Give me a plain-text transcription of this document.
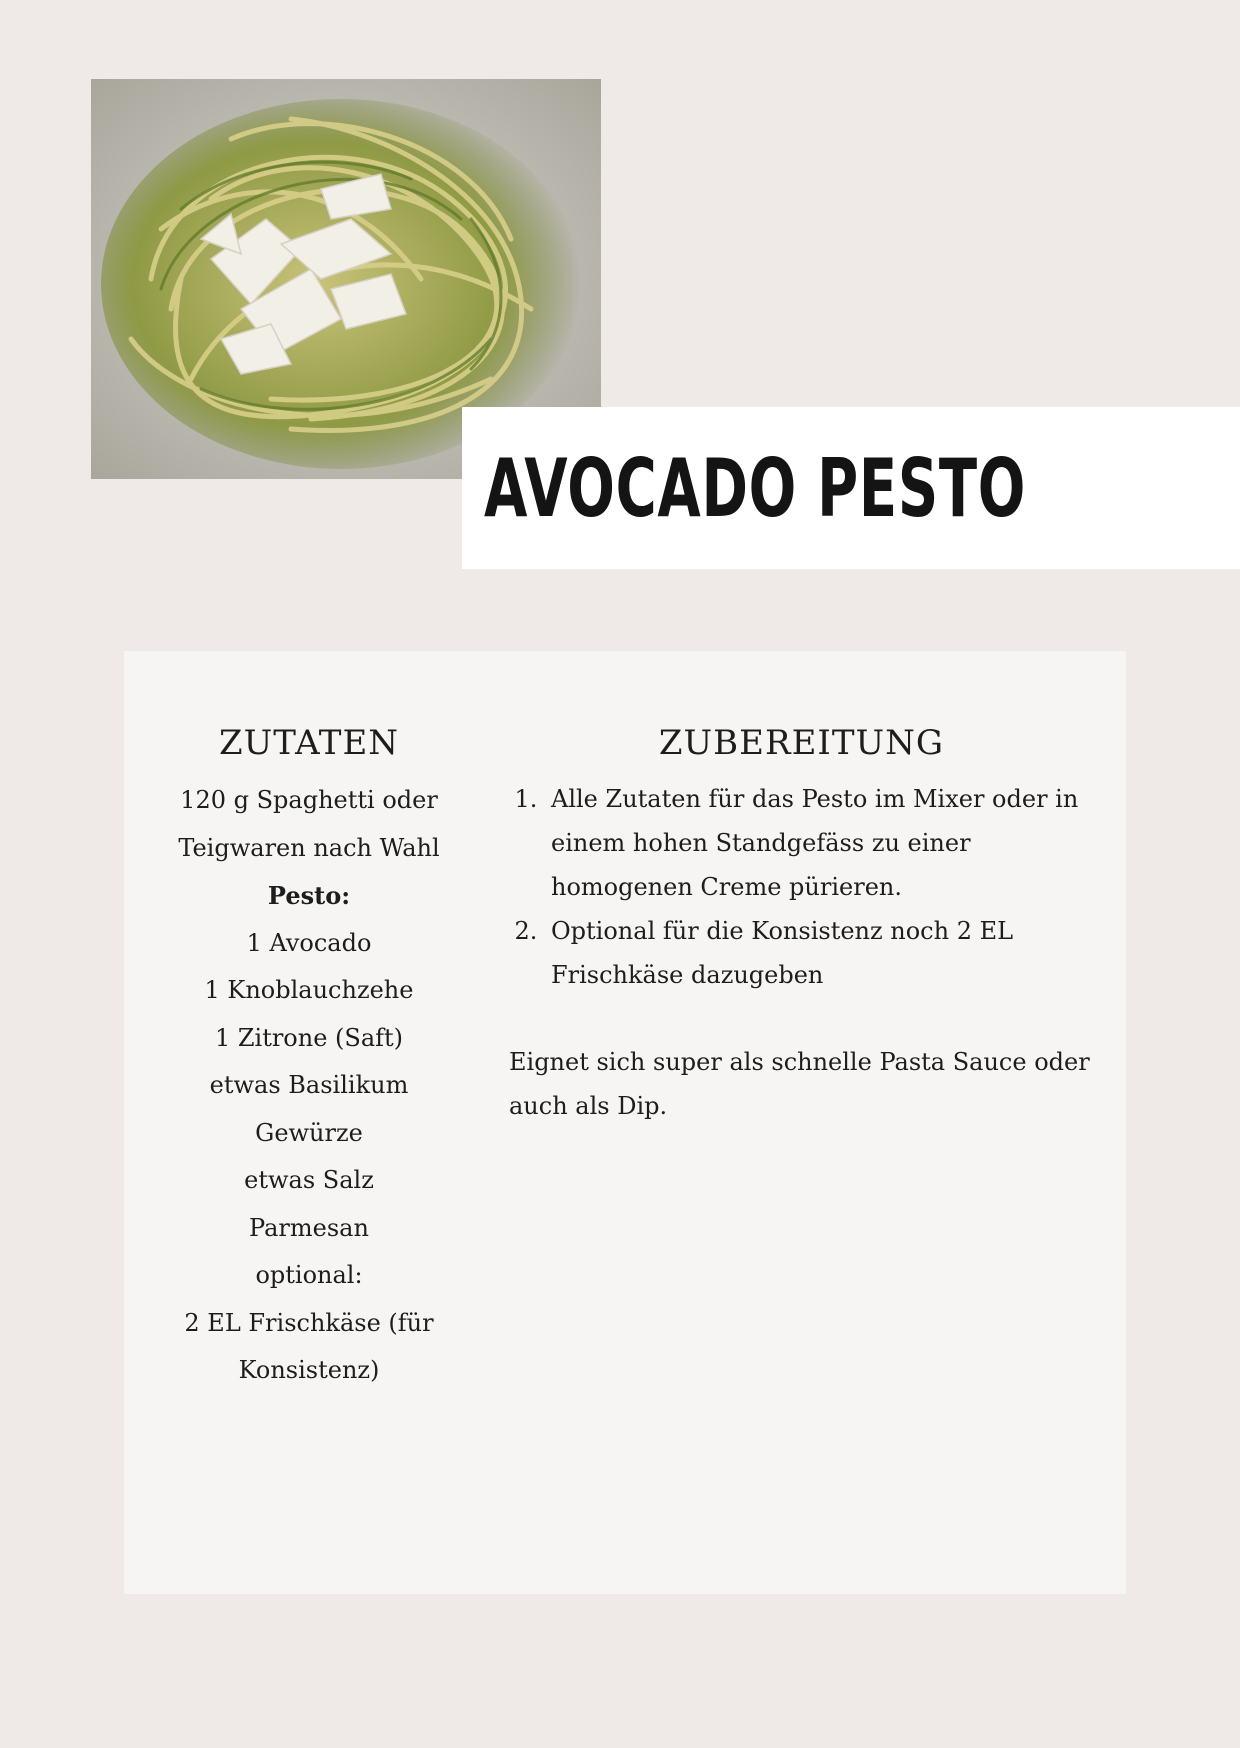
AVOCADO PESTO
ZUTATEN
120 g Spaghetti oder
Teigwaren nach Wahl
Pesto:
1 Avocado
1 Knoblauchzehe
1 Zitrone (Saft)
etwas Basilikum
Gewürze
etwas Salz
Parmesan
optional:
2 EL Frischkäse (für
Konsistenz)
ZUBEREITUNG
1. Alle Zutaten für das Pesto im Mixer oder in einem hohen Standgefäss zu einer homogenen Creme pürieren.
2. Optional für die Konsistenz noch 2 EL Frischkäse dazugeben

Eignet sich super als schnelle Pasta Sauce oder auch als Dip.
